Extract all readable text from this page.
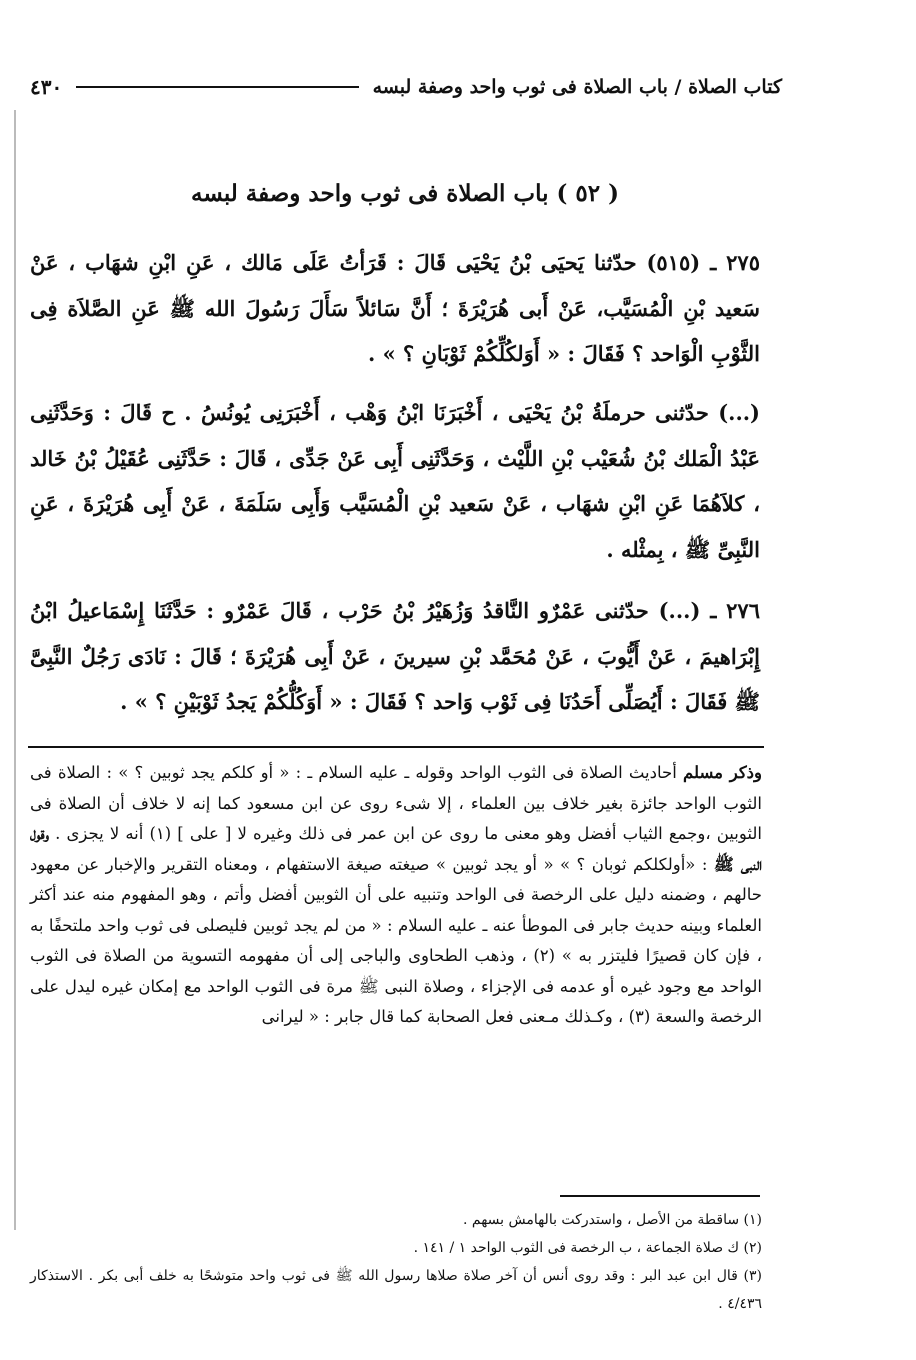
كتاب الصلاة / باب الصلاة فى ثوب واحد وصفة لبسه
٤٣٠
( ٥٢ ) باب الصلاة فى ثوب واحد وصفة لبسه
٢٧٥ ـ (٥١٥) حدّثنا يَحيَى بْنُ يَحْيَى قَالَ : قَرَأتُ عَلَى مَالك ، عَنِ ابْنِ شهَاب ، عَنْ سَعيد بْنِ الْمُسَيَّب، عَنْ أَبى هُرَيْرَةَ ؛ أَنَّ سَائلاً سَأَلَ رَسُولَ الله ﷺ عَنِ الصَّلاَة فِى الثَّوْبِ الْوَاحد ؟ فَقَالَ : « أَوَلكُلِّكُمْ ثَوْبَانِ ؟ » .
(...) حدّثنى حرملَةُ بْنُ يَحْيَى ، أَخْبَرَنَا ابْنُ وَهْب ، أَخْبَرَنِى يُونُسُ . ح قَالَ : وَحَدَّثَنِى عَبْدُ الْمَلك بْنُ شُعَيْب بْنِ اللَّيْث ، وَحَدَّثَنِى أَبِى عَنْ جَدِّى ، قَالَ : حَدَّثَنِى عُقَيْلُ بْنُ خَالد ، كلاَهُمَا عَنِ ابْنِ شهَاب ، عَنْ سَعيد بْنِ الْمُسَيَّب وَأَبِى سَلَمَةَ ، عَنْ أَبِى هُرَيْرَةَ ، عَنِ النَّبِىِّ ﷺ ، بِمثْله .
٢٧٦ ـ (...) حدّثنى عَمْرٌو النَّاقدُ وَزُهَيْرُ بْنُ حَرْب ، قَالَ عَمْرٌو : حَدَّثَنَا إِسْمَاعيلُ ابْنُ إِبْرَاهيمَ ، عَنْ أَيُّوبَ ، عَنْ مُحَمَّد بْنِ سيرينَ ، عَنْ أَبِى هُرَيْرَةَ ؛ قَالَ : نَادَى رَجُلٌ النَّبِىَّ ﷺ فَقَالَ : أَيُصَلِّى أَحَدُنَا فِى ثَوْب وَاحد ؟ فَقَالَ : « أَوَكُلُّكُمْ يَجدُ ثَوْبَيْنِ ؟ » .
وذكر مسلم أحاديث الصلاة فى الثوب الواحد وقوله ـ عليه السلام ـ : « أو كلكم يجد ثوبين ؟ » : الصلاة فى الثوب الواحد جائزة بغير خلاف بين العلماء ، إلا شىء روى عن ابن مسعود كما إنه لا خلاف أن الصلاة فى الثوبين ،وجمع الثياب أفضل وهو معنى ما روى عن ابن عمر فى ذلك وغيره لا [ على ] (١) أنه لا يجزى . وقول النبى ﷺ : «أولكلكم ثوبان ؟ » « أو يجد ثوبين » صيغته صيغة الاستفهام ، ومعناه التقرير والإخبار عن معهود حالهم ، وضمنه دليل على الرخصة فى الواحد وتنبيه على أن الثوبين أفضل وأتم ، وهو المفهوم منه عند أكثر العلماء وبينه حديث جابر فى الموطأ عنه ـ عليه السلام : « من لم يجد ثوبين فليصلى فى ثوب واحد ملتحفًا به ، فإن كان قصيرًا فليتزر به » (٢) ، وذهب الطحاوى والباجى إلى أن مفهومه التسوية من الصلاة فى الثوب الواحد مع وجود غيره أو عدمه فى الإجزاء ، وصلاة النبى ﷺ مرة فى الثوب الواحد مع إمكان غيره ليدل على الرخصة والسعة (٣) ، وكـذلك مـعنى فعل الصحابة كما قال جابر : « ليرانى

(١) ساقطة من الأصل ، واستدركت بالهامش بسهم .

(٢) ك صلاة الجماعة ، ب الرخصة فى الثوب الواحد ١ / ١٤١ .

(٣) قال ابن عبد البر : وقد روى أنس أن آخر صلاة صلاها رسول الله ﷺ فى ثوب واحد متوشحًا به خلف أبى بكر . الاستذكار ٤/٤٣٦ .
